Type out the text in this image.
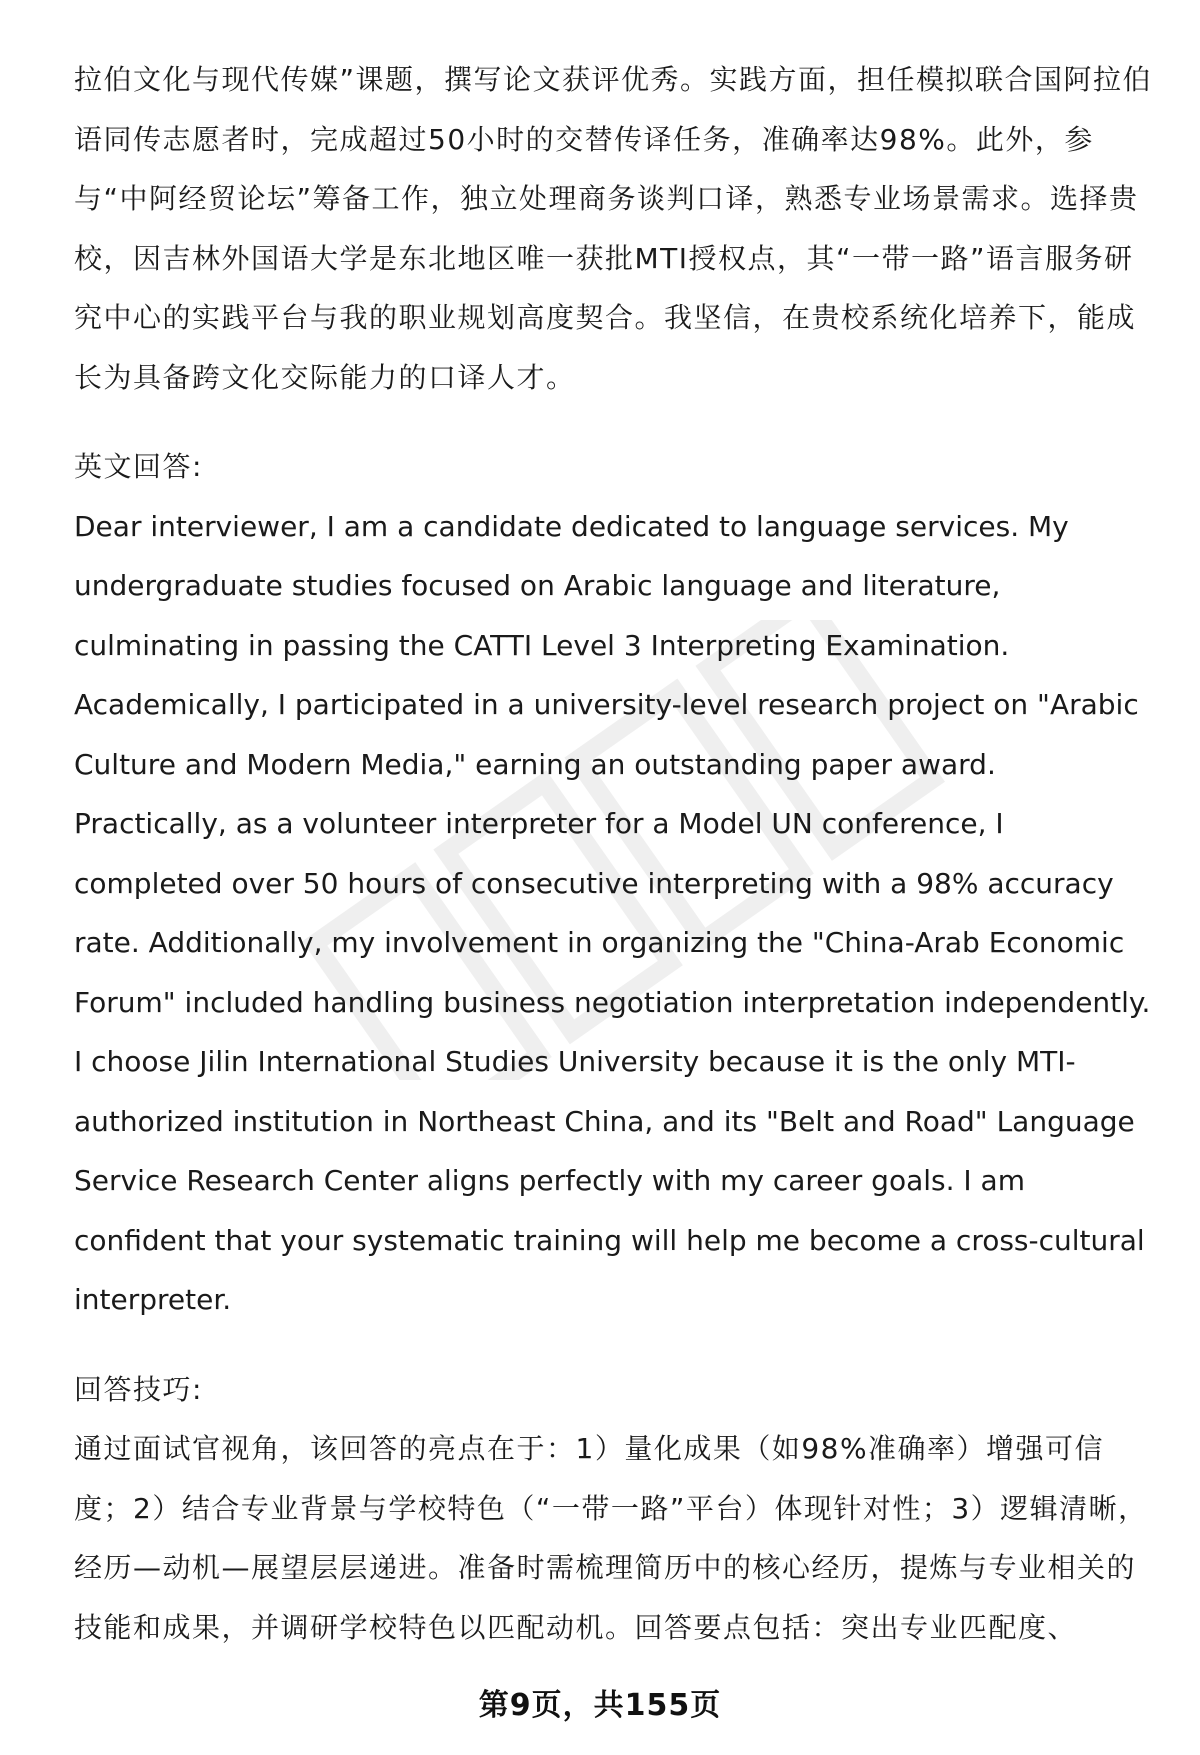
拉伯文化与现代传媒”课题，撰写论文获评优秀。实践方面，担任模拟联合国阿拉伯语同传志愿者时，完成超过50小时的交替传译任务，准确率达98%。此外，参与“中阿经贸论坛”筹备工作，独立处理商务谈判口译，熟悉专业场景需求。选择贵校，因吉林外国语大学是东北地区唯一获批MTI授权点，其“一带一路”语言服务研究中心的实践平台与我的职业规划高度契合。我坚信，在贵校系统化培养下，能成长为具备跨文化交际能力的口译人才。

英文回答:

Dear interviewer, I am a candidate dedicated to language services. My undergraduate studies focused on Arabic language and literature, culminating in passing the CATTI Level 3 Interpreting Examination. Academically, I participated in a university-level research project on "Arabic Culture and Modern Media," earning an outstanding paper award. Practically, as a volunteer interpreter for a Model UN conference, I completed over 50 hours of consecutive interpreting with a 98% accuracy rate. Additionally, my involvement in organizing the "China-Arab Economic Forum" included handling business negotiation interpretation independently. I choose Jilin International Studies University because it is the only MTI-authorized institution in Northeast China, and its "Belt and Road" Language Service Research Center aligns perfectly with my career goals. I am confident that your systematic training will help me become a cross-cultural interpreter.

回答技巧:

通过面试官视角，该回答的亮点在于：1）量化成果（如98%准确率）增强可信度；2）结合专业背景与学校特色（“一带一路”平台）体现针对性；3）逻辑清晰，经历—动机—展望层层递进。准备时需梳理简历中的核心经历，提炼与专业相关的技能和成果，并调研学校特色以匹配动机。回答要点包括：突出专业匹配度、

第9页，共155页
